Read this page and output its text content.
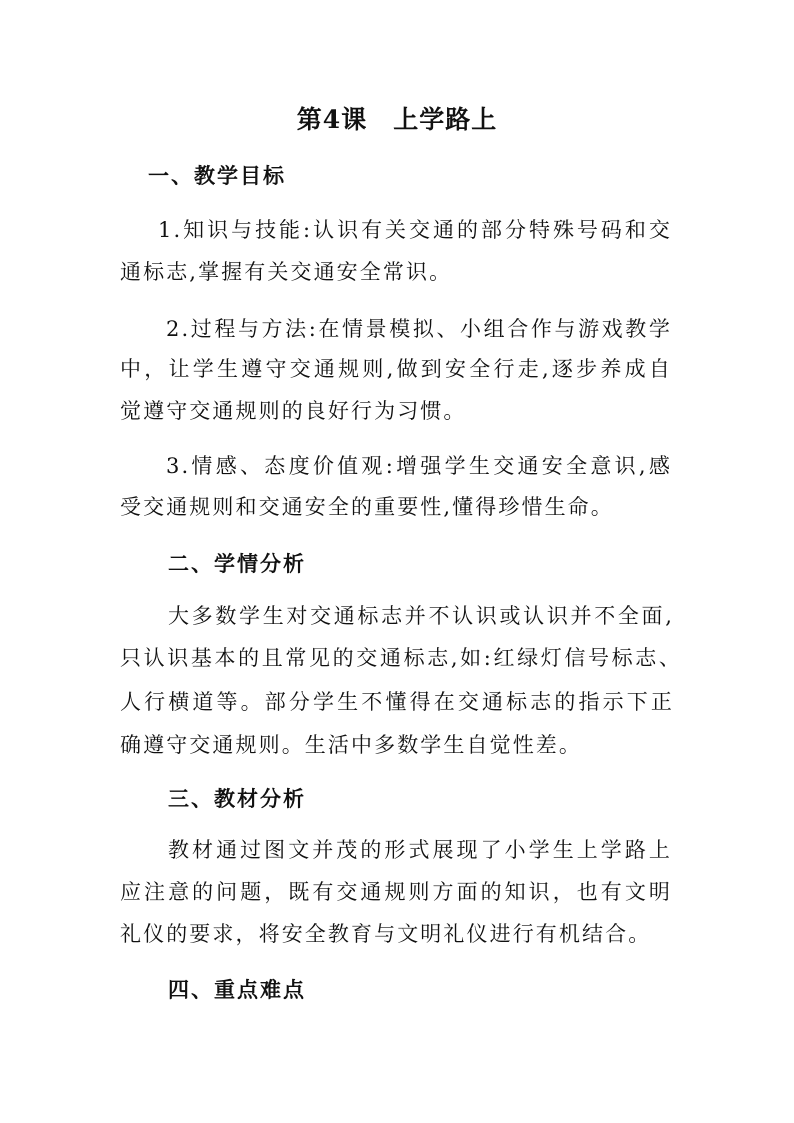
第4课　上学路上
一、教学目标
1.知识与技能:认识有关交通的部分特殊号码和交
通标志,掌握有关交通安全常识。
2.过程与方法:在情景模拟、小组合作与游戏教学
中，让学生遵守交通规则,做到安全行走,逐步养成自
觉遵守交通规则的良好行为习惯。
3.情感、态度价值观:增强学生交通安全意识,感
受交通规则和交通安全的重要性,懂得珍惜生命。
二、学情分析
大多数学生对交通标志并不认识或认识并不全面,
只认识基本的且常见的交通标志,如:红绿灯信号标志、
人行横道等。部分学生不懂得在交通标志的指示下正
确遵守交通规则。生活中多数学生自觉性差。
三、教材分析
教材通过图文并茂的形式展现了小学生上学路上
应注意的问题，既有交通规则方面的知识，也有文明
礼仪的要求，将安全教育与文明礼仪进行有机结合。
四、重点难点
